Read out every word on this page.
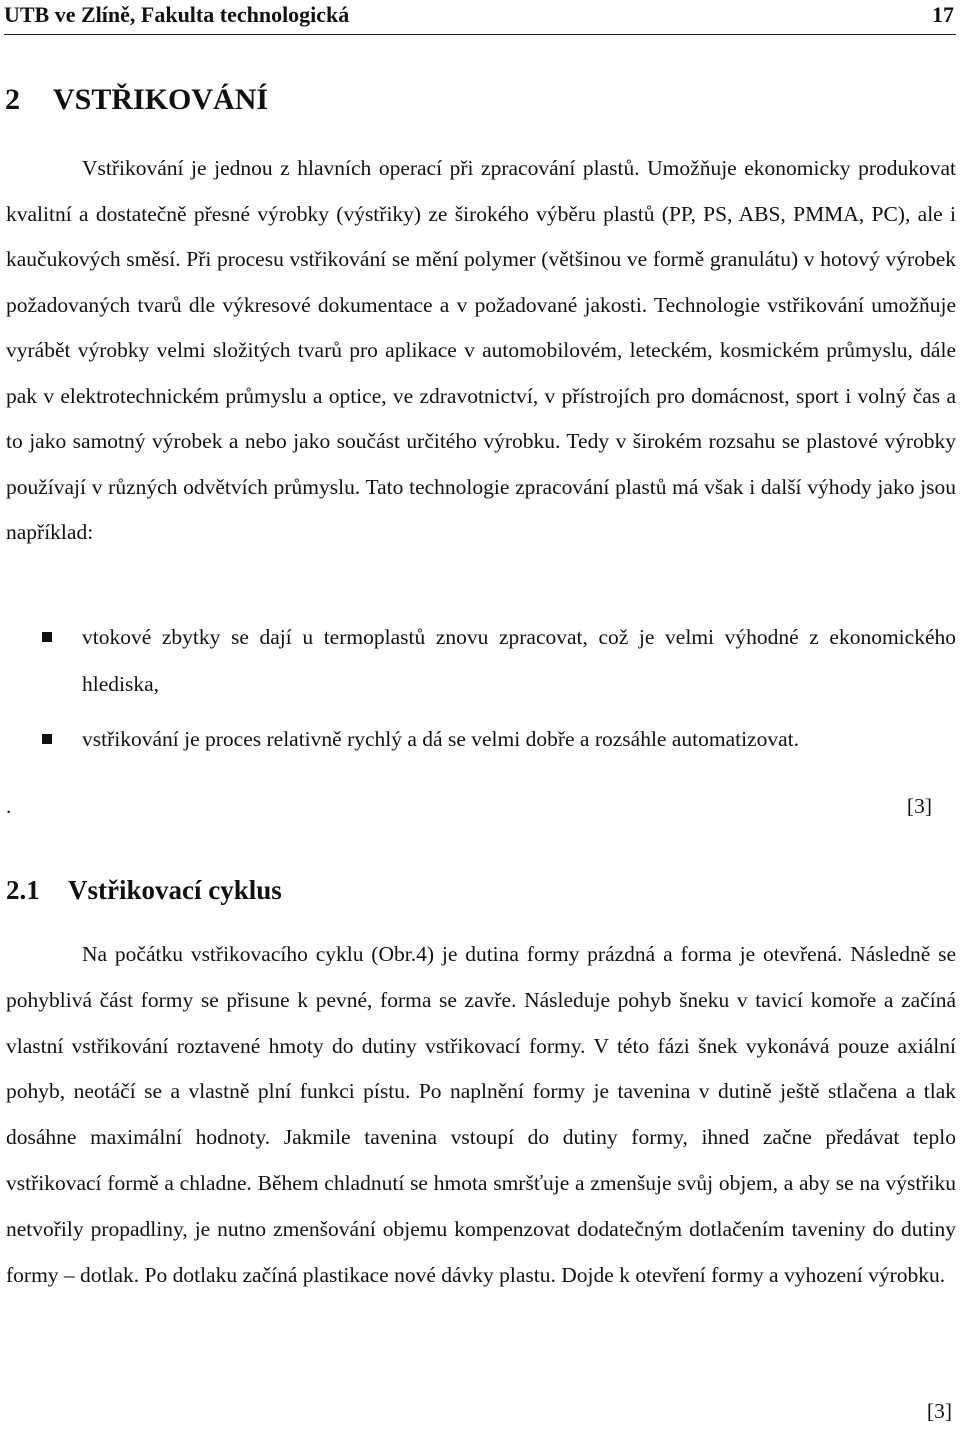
UTB ve Zlíně, Fakulta technologická	17
2 VSTŘIKOVÁNÍ

Vstřikování je jednou z hlavních operací při zpracování plastů. Umožňuje ekonomicky produkovat kvalitní a dostatečně přesné výrobky (výstřiky) ze širokého výběru plastů (PP, PS, ABS, PMMA, PC), ale i kaučukových směsí. Při procesu vstřikování se mění polymer (většinou ve formě granulátu) v hotový výrobek požadovaných tvarů dle výkresové dokumentace a v požadované jakosti. Technologie vstřikování umožňuje vyrábět výrobky velmi složitých tvarů pro aplikace v automobilovém, leteckém, kosmickém průmyslu, dále pak v elektrotechnickém průmyslu a optice, ve zdravotnictví, v přístrojích pro domácnost, sport i volný čas a to jako samotný výrobek a nebo jako součást určitého výrobku. Tedy v širokém rozsahu se plastové výrobky používají v různých odvětvích průmyslu. Tato technologie zpracování plastů má však i další výhody jako jsou například:

vtokové zbytky se dají u termoplastů znovu zpracovat, což je velmi výhodné z ekonomického hlediska,
vstřikování je proces relativně rychlý a dá se velmi dobře a rozsáhle automatizovat.
.	[3]
2.1 Vstřikovací cyklus

Na počátku vstřikovacího cyklu (Obr.4) je dutina formy prázdná a forma je otevřená. Následně se pohyblivá část formy se přisune k pevné, forma se zavře. Následuje pohyb šneku v tavicí komoře a začíná vlastní vstřikování roztavené hmoty do dutiny vstřikovací formy. V této fázi šnek vykonává pouze axiální pohyb, neotáčí se a vlastně plní funkci pístu. Po naplnění formy je tavenina v dutině ještě stlačena a tlak dosáhne maximální hodnoty. Jakmile tavenina vstoupí do dutiny formy, ihned začne předávat teplo vstřikovací formě a chladne. Během chladnutí se hmota smršťuje a zmenšuje svůj objem, a aby se na výstřiku netvořily propadliny, je nutno zmenšování objemu kompenzovat dodatečným dotlačením taveniny do dutiny formy – dotlak. Po dotlaku začíná plastikace nové dávky plastu. Dojde k otevření formy a vyhození výrobku.

[3]
